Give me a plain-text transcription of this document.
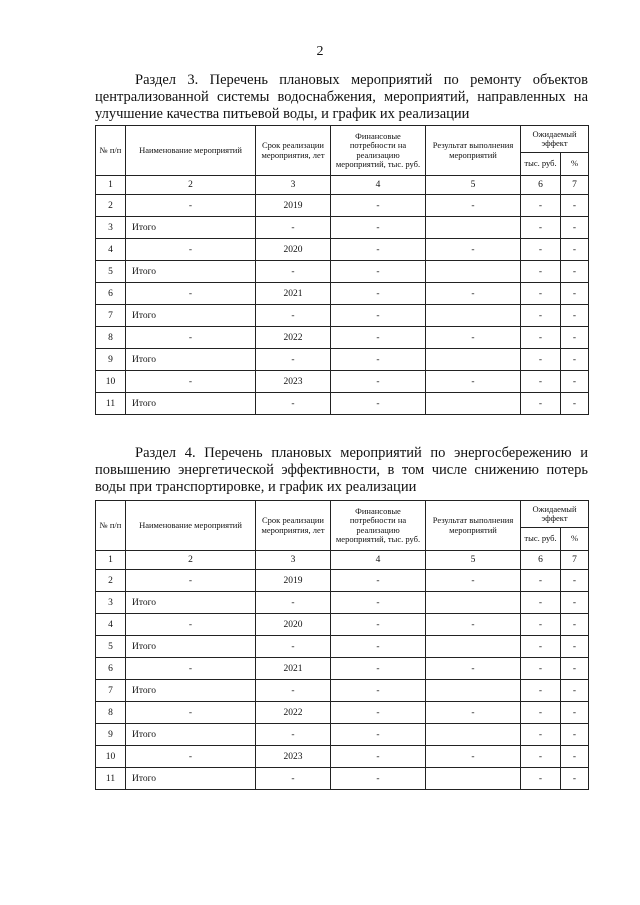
2
Раздел 3. Перечень плановых мероприятий по ремонту объектов централизованной системы водоснабжения, мероприятий, направленных на улучшение качества питьевой воды, и график их реализации
№ п/п	Наименование мероприятий	Срок реализации мероприятия, лет	Финансовые потребности на реализацию мероприятий, тыс. руб.	Результат выполнения мероприятий	Ожидаемый эффект	
					тыс. руб.	%
1	2	3	4	5	6	7
2	-	2019	-	-	-	-
3	Итого	-	-		-	-
4	-	2020	-	-	-	-
5	Итого	-	-		-	-
6	-	2021	-	-	-	-
7	Итого	-	-		-	-
8	-	2022	-	-	-	-
9	Итого	-	-		-	-
10	-	2023	-	-	-	-
11	Итого	-	-		-	-
Раздел 4. Перечень плановых мероприятий по энергосбережению и повышению энергетической эффективности, в том числе снижению потерь воды при транспортировке, и график их реализации
№ п/п	Наименование мероприятий	Срок реализации мероприятия, лет	Финансовые потребности на реализацию мероприятий, тыс. руб.	Результат выполнения мероприятий	Ожидаемый эффект	
					тыс. руб.	%
1	2	3	4	5	6	7
2	-	2019	-	-	-	-
3	Итого	-	-		-	-
4	-	2020	-	-	-	-
5	Итого	-	-		-	-
6	-	2021	-	-	-	-
7	Итого	-	-		-	-
8	-	2022	-	-	-	-
9	Итого	-	-		-	-
10	-	2023	-	-	-	-
11	Итого	-	-		-	-
